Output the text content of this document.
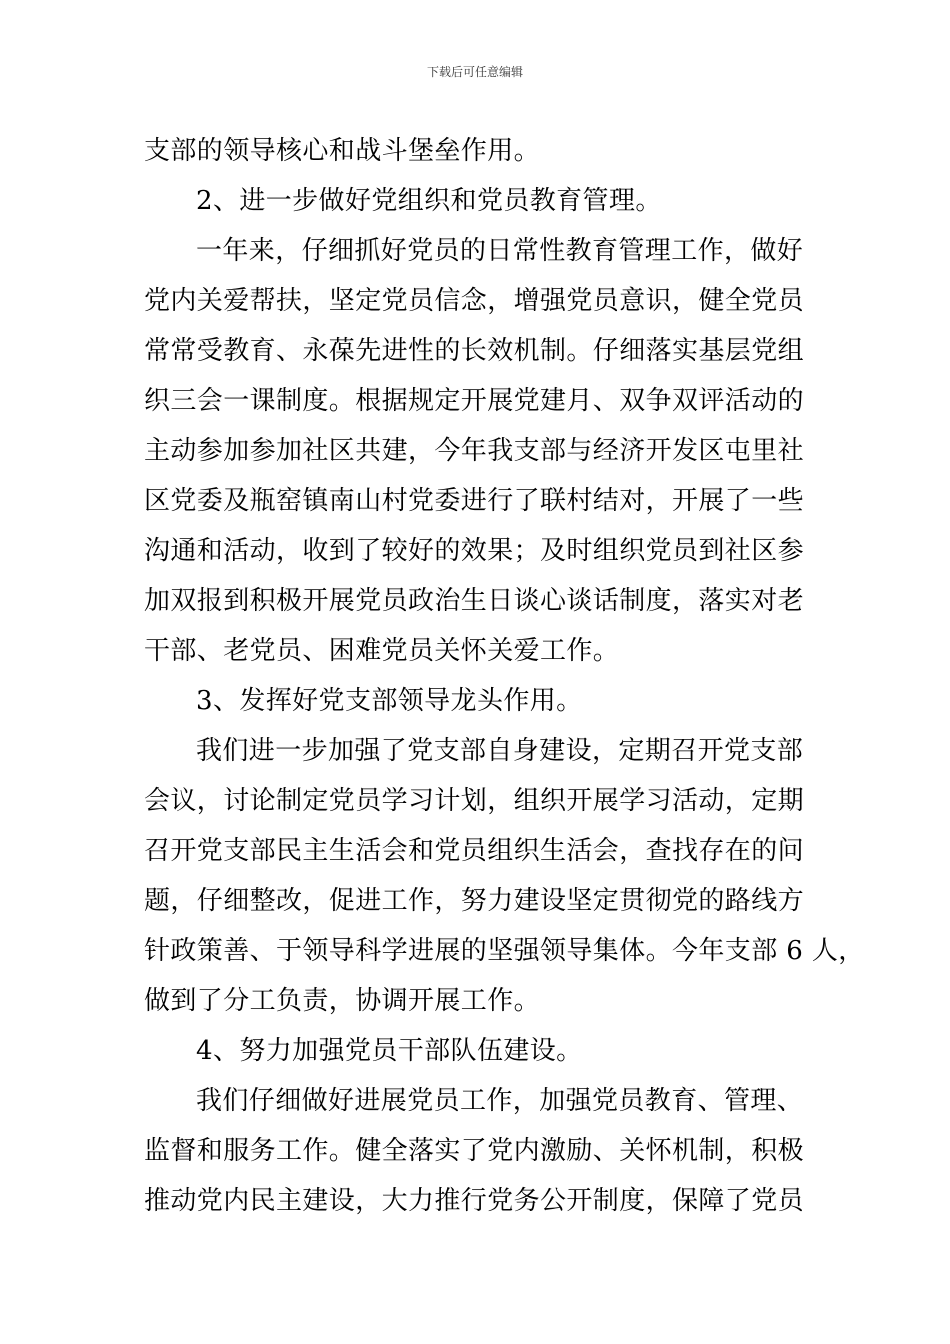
下载后可任意编辑
支部的领导核心和战斗堡垒作用。
2、进一步做好党组织和党员教育管理。
一年来，仔细抓好党员的日常性教育管理工作，做好
党内关爱帮扶，坚定党员信念，增强党员意识，健全党员
常常受教育、永葆先进性的长效机制。仔细落实基层党组
织三会一课制度。根据规定开展党建月、双争双评活动的
主动参加参加社区共建，今年我支部与经济开发区屯里社
区党委及瓶窑镇南山村党委进行了联村结对，开展了一些
沟通和活动，收到了较好的效果；及时组织党员到社区参
加双报到积极开展党员政治生日谈心谈话制度，落实对老
干部、老党员、困难党员关怀关爱工作。
3、发挥好党支部领导龙头作用。
我们进一步加强了党支部自身建设，定期召开党支部
会议，讨论制定党员学习计划，组织开展学习活动，定期
召开党支部民主生活会和党员组织生活会，查找存在的问
题，仔细整改，促进工作，努力建设坚定贯彻党的路线方
针政策善、于领导科学进展的坚强领导集体。今年支部 6 人，
做到了分工负责，协调开展工作。
4、努力加强党员干部队伍建设。
我们仔细做好进展党员工作，加强党员教育、管理、
监督和服务工作。健全落实了党内激励、关怀机制，积极
推动党内民主建设，大力推行党务公开制度，保障了党员
